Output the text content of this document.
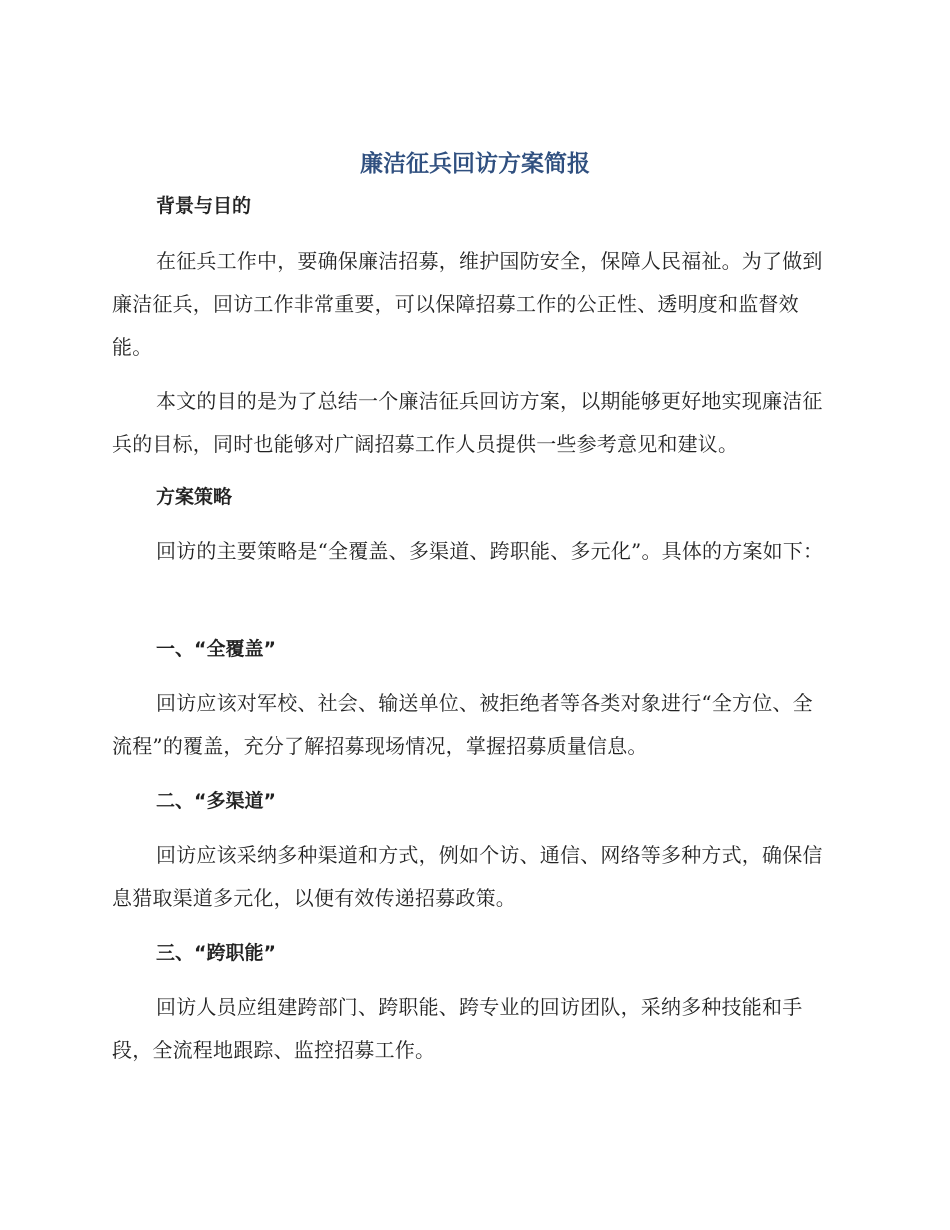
廉洁征兵回访方案简报
背景与目的

在征兵工作中，要确保廉洁招募，维护国防安全，保障人民福祉。为了做到廉洁征兵，回访工作非常重要，可以保障招募工作的公正性、透明度和监督效能。

本文的目的是为了总结一个廉洁征兵回访方案，以期能够更好地实现廉洁征兵的目标，同时也能够对广阔招募工作人员提供一些参考意见和建议。

方案策略

回访的主要策略是“全覆盖、多渠道、跨职能、多元化”。具体的方案如下：

一、“全覆盖”

回访应该对军校、社会、输送单位、被拒绝者等各类对象进行“全方位、全流程”的覆盖，充分了解招募现场情况，掌握招募质量信息。

二、“多渠道”

回访应该采纳多种渠道和方式，例如个访、通信、网络等多种方式，确保信息猎取渠道多元化，以便有效传递招募政策。

三、“跨职能”

回访人员应组建跨部门、跨职能、跨专业的回访团队，采纳多种技能和手段，全流程地跟踪、监控招募工作。
